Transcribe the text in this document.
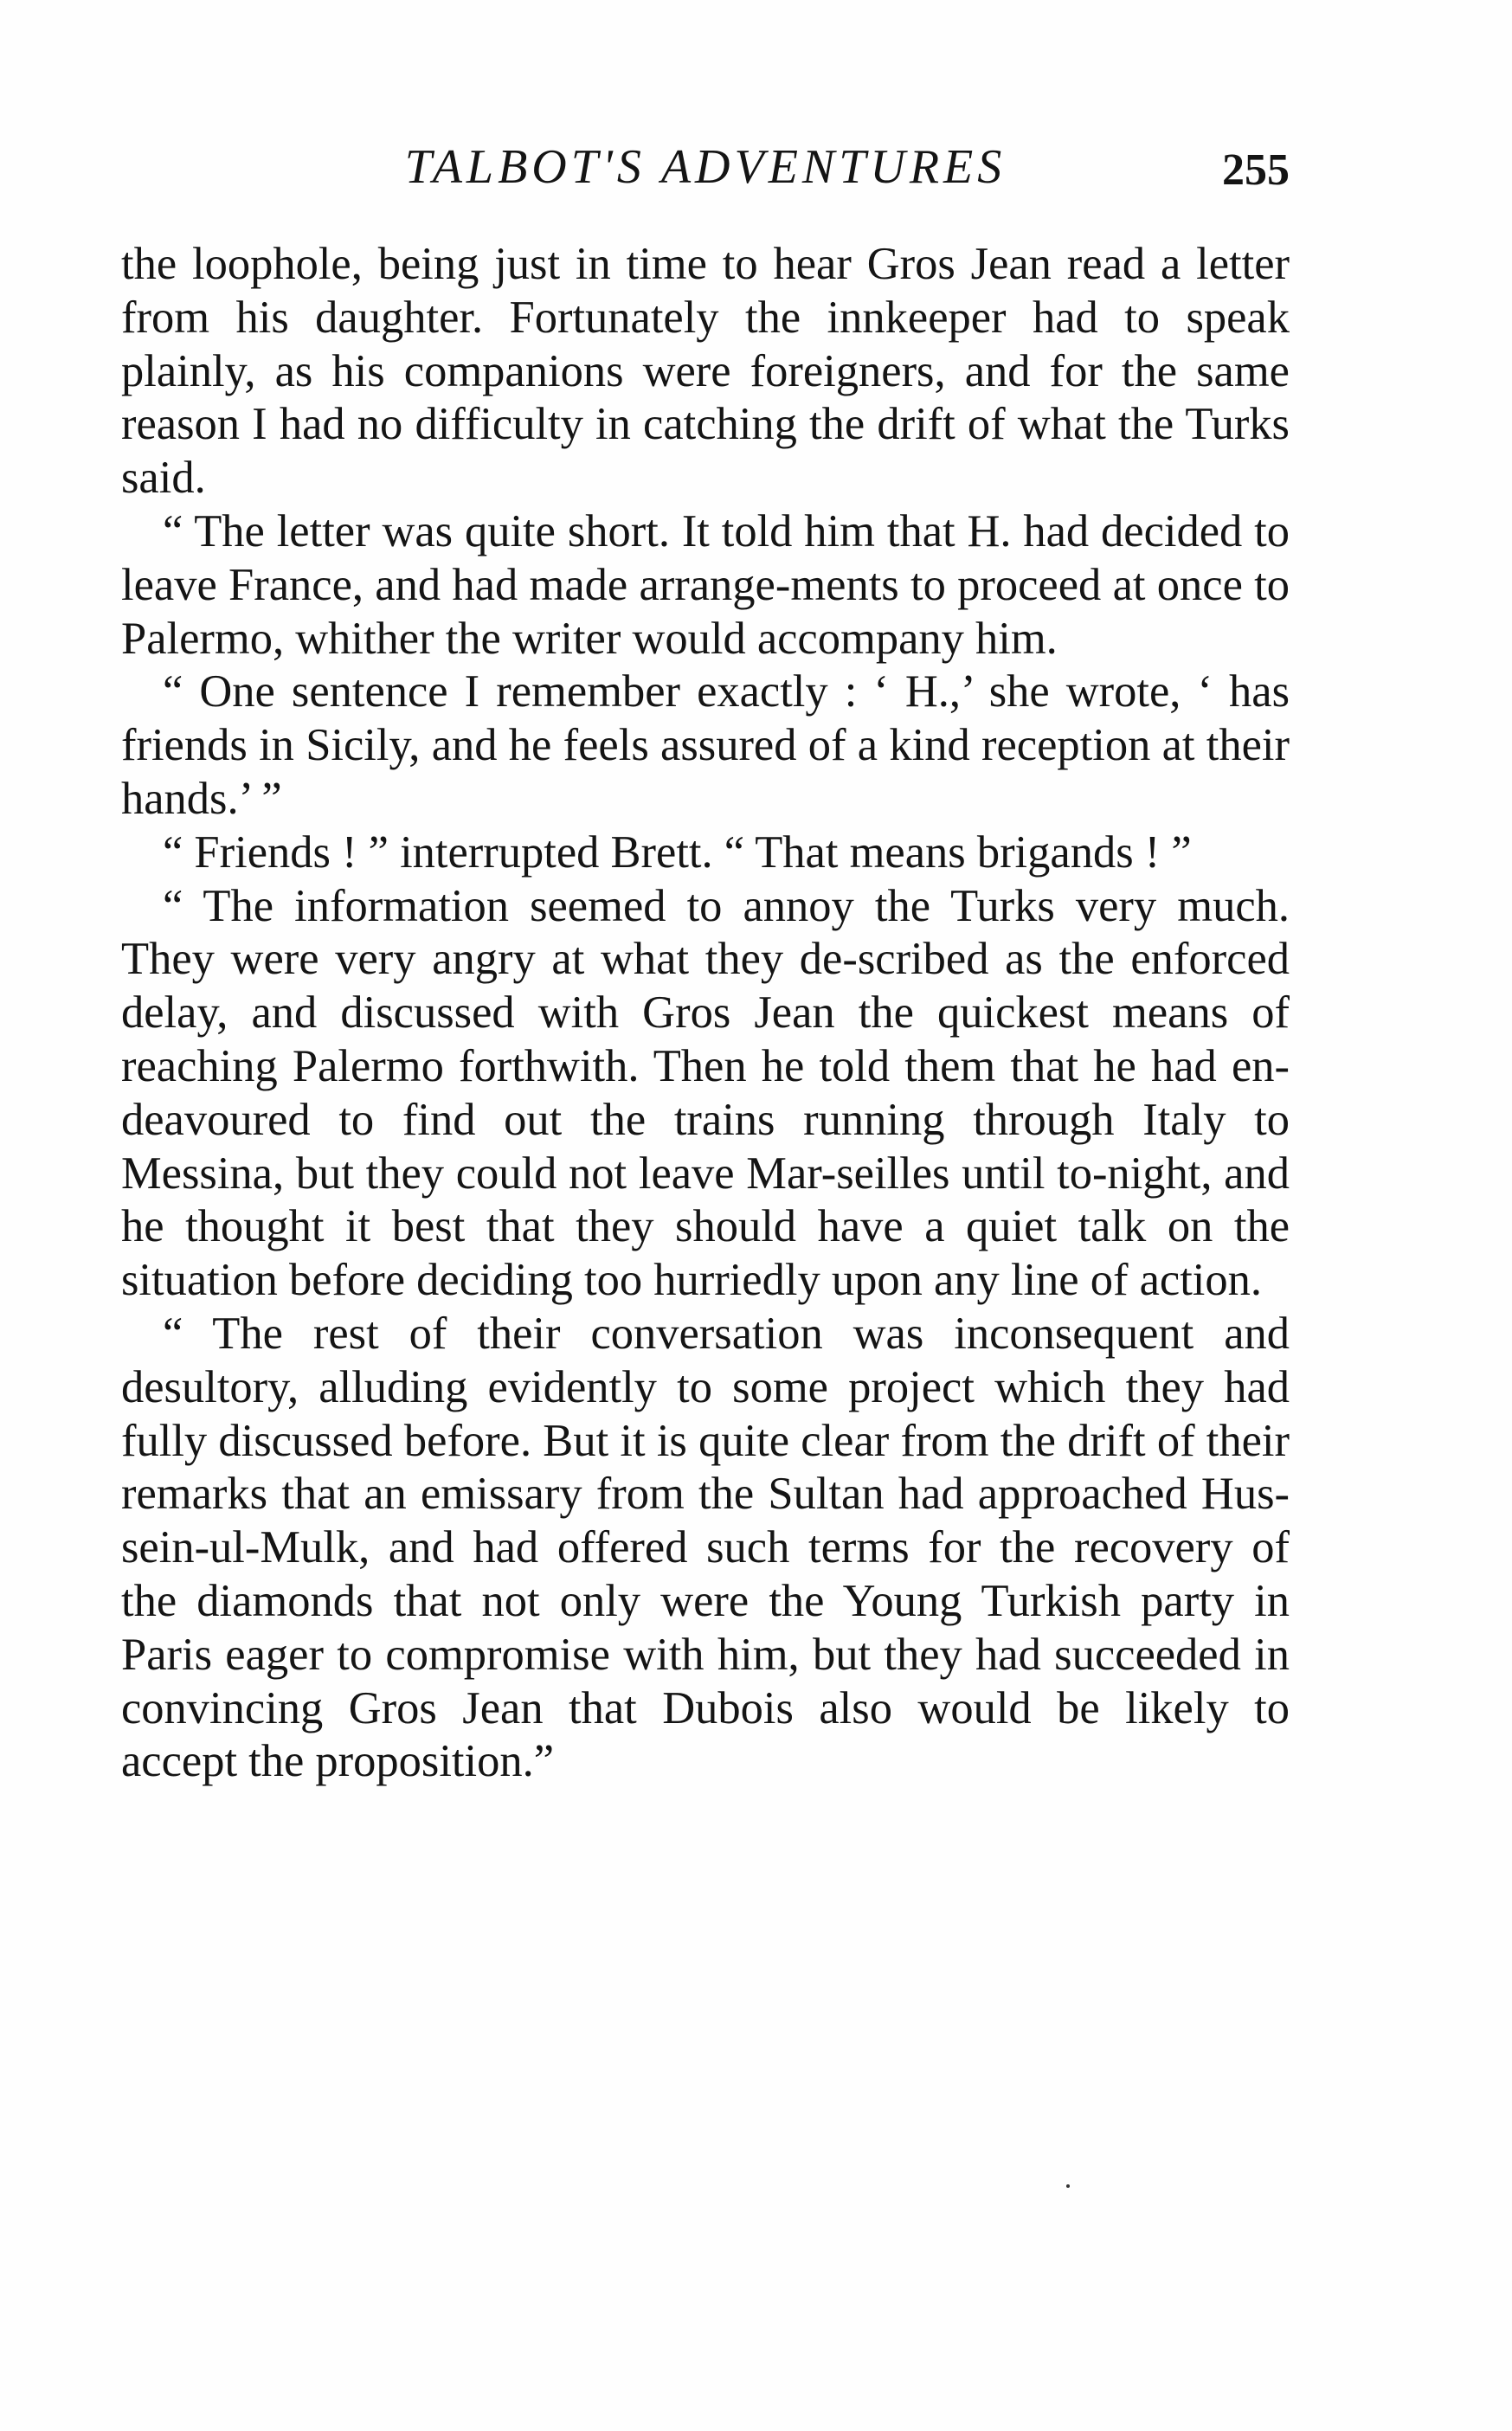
TALBOT'S ADVENTURES	255

the loophole, being just in time to hear Gros Jean read a letter from his daughter. Fortunately the innkeeper had to speak plainly, as his companions were foreigners, and for the same reason I had no difficulty in catching the drift of what the Turks said.

“ The letter was quite short. It told him that H. had decided to leave France, and had made arrange-ments to proceed at once to Palermo, whither the writer would accompany him.

“ One sentence I remember exactly : ‘ H.,’ she wrote, ‘ has friends in Sicily, and he feels assured of a kind reception at their hands.’ ”

“ Friends ! ” interrupted Brett. “ That means brigands ! ”

“ The information seemed to annoy the Turks very much. They were very angry at what they de-scribed as the enforced delay, and discussed with Gros Jean the quickest means of reaching Palermo forthwith. Then he told them that he had en-deavoured to find out the trains running through Italy to Messina, but they could not leave Mar-seilles until to-night, and he thought it best that they should have a quiet talk on the situation before deciding too hurriedly upon any line of action.

“ The rest of their conversation was inconsequent and desultory, alluding evidently to some project which they had fully discussed before. But it is quite clear from the drift of their remarks that an emissary from the Sultan had approached Hus-sein-ul-Mulk, and had offered such terms for the recovery of the diamonds that not only were the Young Turkish party in Paris eager to compromise with him, but they had succeeded in convincing Gros Jean that Dubois also would be likely to accept the proposition.”
